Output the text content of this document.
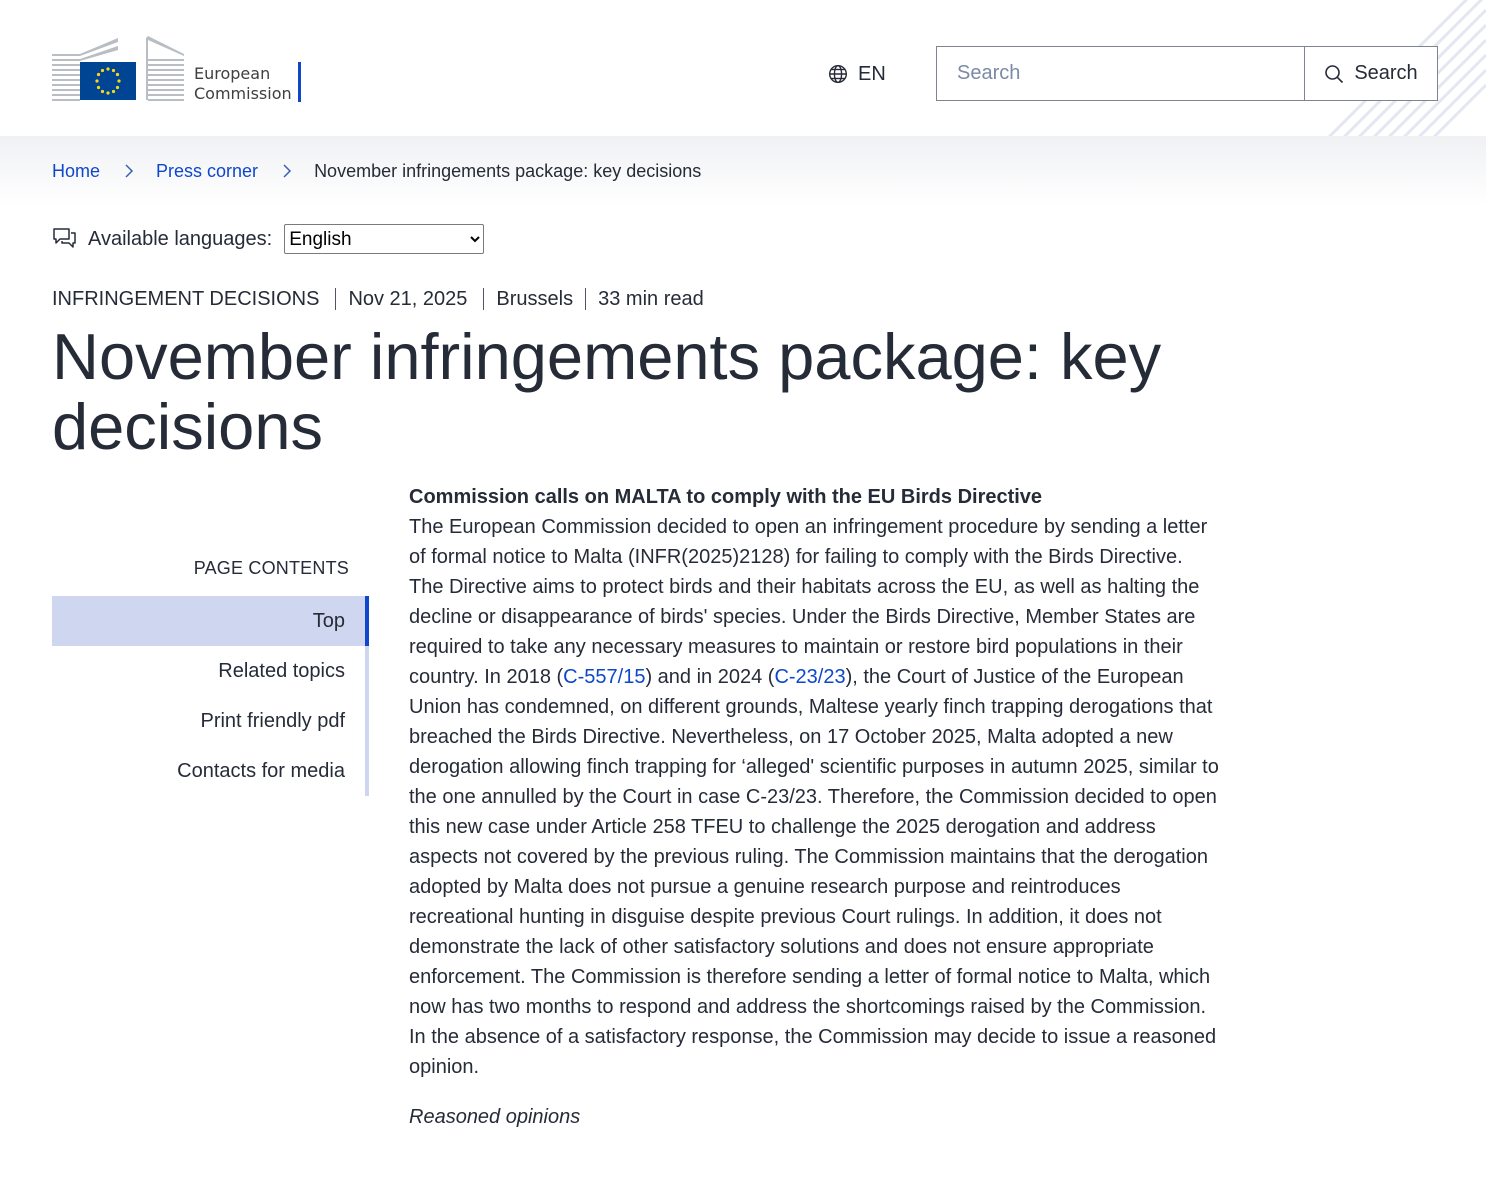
European
Commission
EN
Search	Search
Home	Press corner	November infringements package: key decisions
Available languages:
English
INFRINGEMENT DECISIONS	Nov 21, 2025	Brussels	33 min read
November infringements package: key decisions
PAGE CONTENTS
Top
Related topics
Print friendly pdf
Contacts for media

Commission calls on MALTA to comply with the EU Birds Directive

The European Commission decided to open an infringement procedure by sending a letter of formal notice to Malta (INFR(2025)2128) for failing to comply with the Birds Directive. The Directive aims to protect birds and their habitats across the EU, as well as halting the decline or disappearance of birds' species. Under the Birds Directive, Member States are required to take any necessary measures to maintain or restore bird populations in their country. In 2018 (C-557/15) and in 2024 (C-23/23), the Court of Justice of the European Union has condemned, on different grounds, Maltese yearly finch trapping derogations that breached the Birds Directive. Nevertheless, on 17 October 2025, Malta adopted a new derogation allowing finch trapping for ‘alleged' scientific purposes in autumn 2025, similar to the one annulled by the Court in case C-23/23. Therefore, the Commission decided to open this new case under Article 258 TFEU to challenge the 2025 derogation and address aspects not covered by the previous ruling. The Commission maintains that the derogation adopted by Malta does not pursue a genuine research purpose and reintroduces recreational hunting in disguise despite previous Court rulings. In addition, it does not demonstrate the lack of other satisfactory solutions and does not ensure appropriate enforcement. The Commission is therefore sending a letter of formal notice to Malta, which now has two months to respond and address the shortcomings raised by the Commission. In the absence of a satisfactory response, the Commission may decide to issue a reasoned opinion.

Reasoned opinions
